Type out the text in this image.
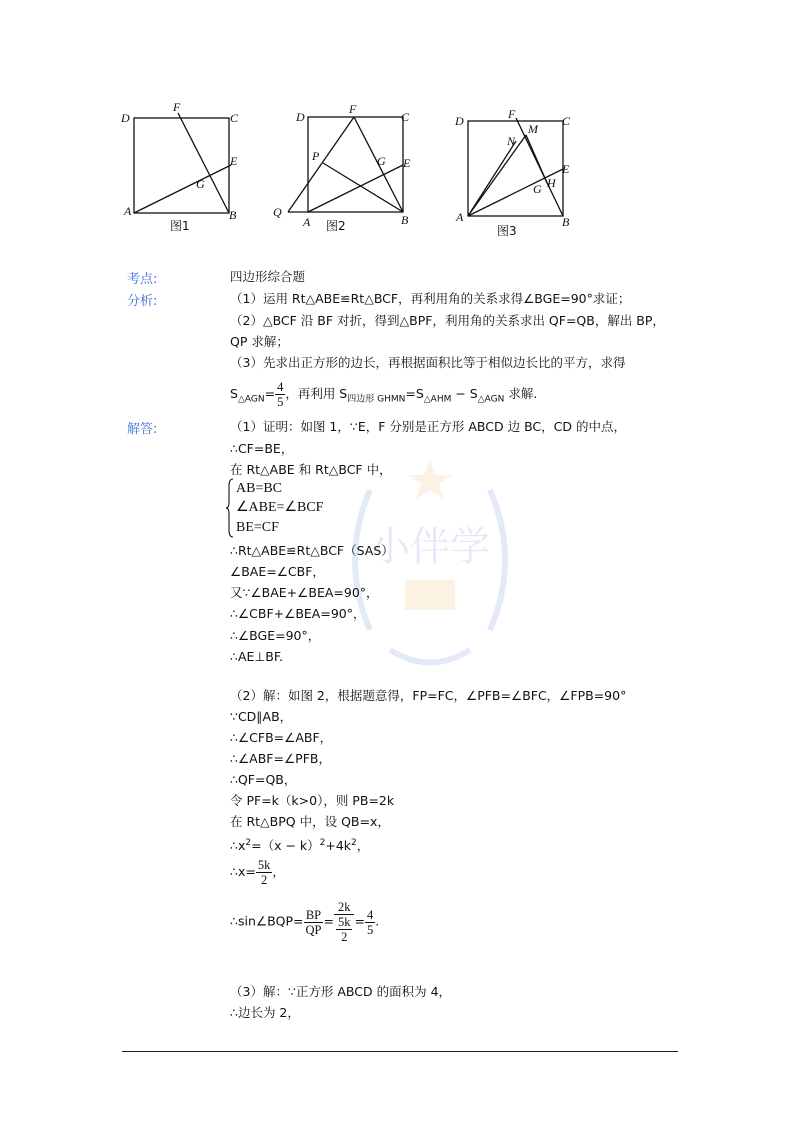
小伴学
D
F
C
E
G
A	B
图1
D
F
C
P	G E
Q
A	B
图2
D	F
M
C
N
E
G H
A	B
图3
考点:	四边形综合题
分析:	（1）运用 Rt△ABE≌Rt△BCF，再利用角的关系求得∠BGE=90°求证；
（2）△BCF 沿 BF 对折，得到△BPF，利用角的关系求出 QF=QB，解出 BP，
QP 求解；
（3）先求出正方形的边长，再根据面积比等于相似边长比的平方，求得
$S_{\triangle AGN}= \frac{4}{5}$ ，再利用 $S_{四边形 GHMN}=S_{\triangle AHM} - S_{\triangle AGN}$ 求解.
解答:	（1）证明：如图 1，∵E，F 分别是正方形 ABCD 边 BC，CD 的中点，
∴CF=BE，
在 Rt△ABE 和 Rt△BCF 中，
AB=BC
∠ABE=∠BCF
BE=CF
∴Rt△ABE≌Rt△BCF（SAS）
∠BAE=∠CBF，
又∵∠BAE+∠BEA=90°，
∴∠CBF+∠BEA=90°，
∴∠BGE=90°，
∴AE⊥BF.
（2）解：如图 2，根据题意得，FP=FC，∠PFB=∠BFC，∠FPB=90°
∵CD∥AB，
∴∠CFB=∠ABF，
∴∠ABF=∠PFB，
∴QF=QB，
令 PF=k（k>0），则 PB=2k
在 Rt△BPQ 中，设 QB=x，
$\therefore x^2=(x - k)^2+4k^2$，
∴x= $\frac{5k}{2}$ ，
∴sin∠BQP= $\frac{BP}{QP} = \frac{2k}{\frac{5k}{2}} = \frac{4}{5}$ .
（3）解：∵正方形 ABCD 的面积为 4，
∴边长为 2，
